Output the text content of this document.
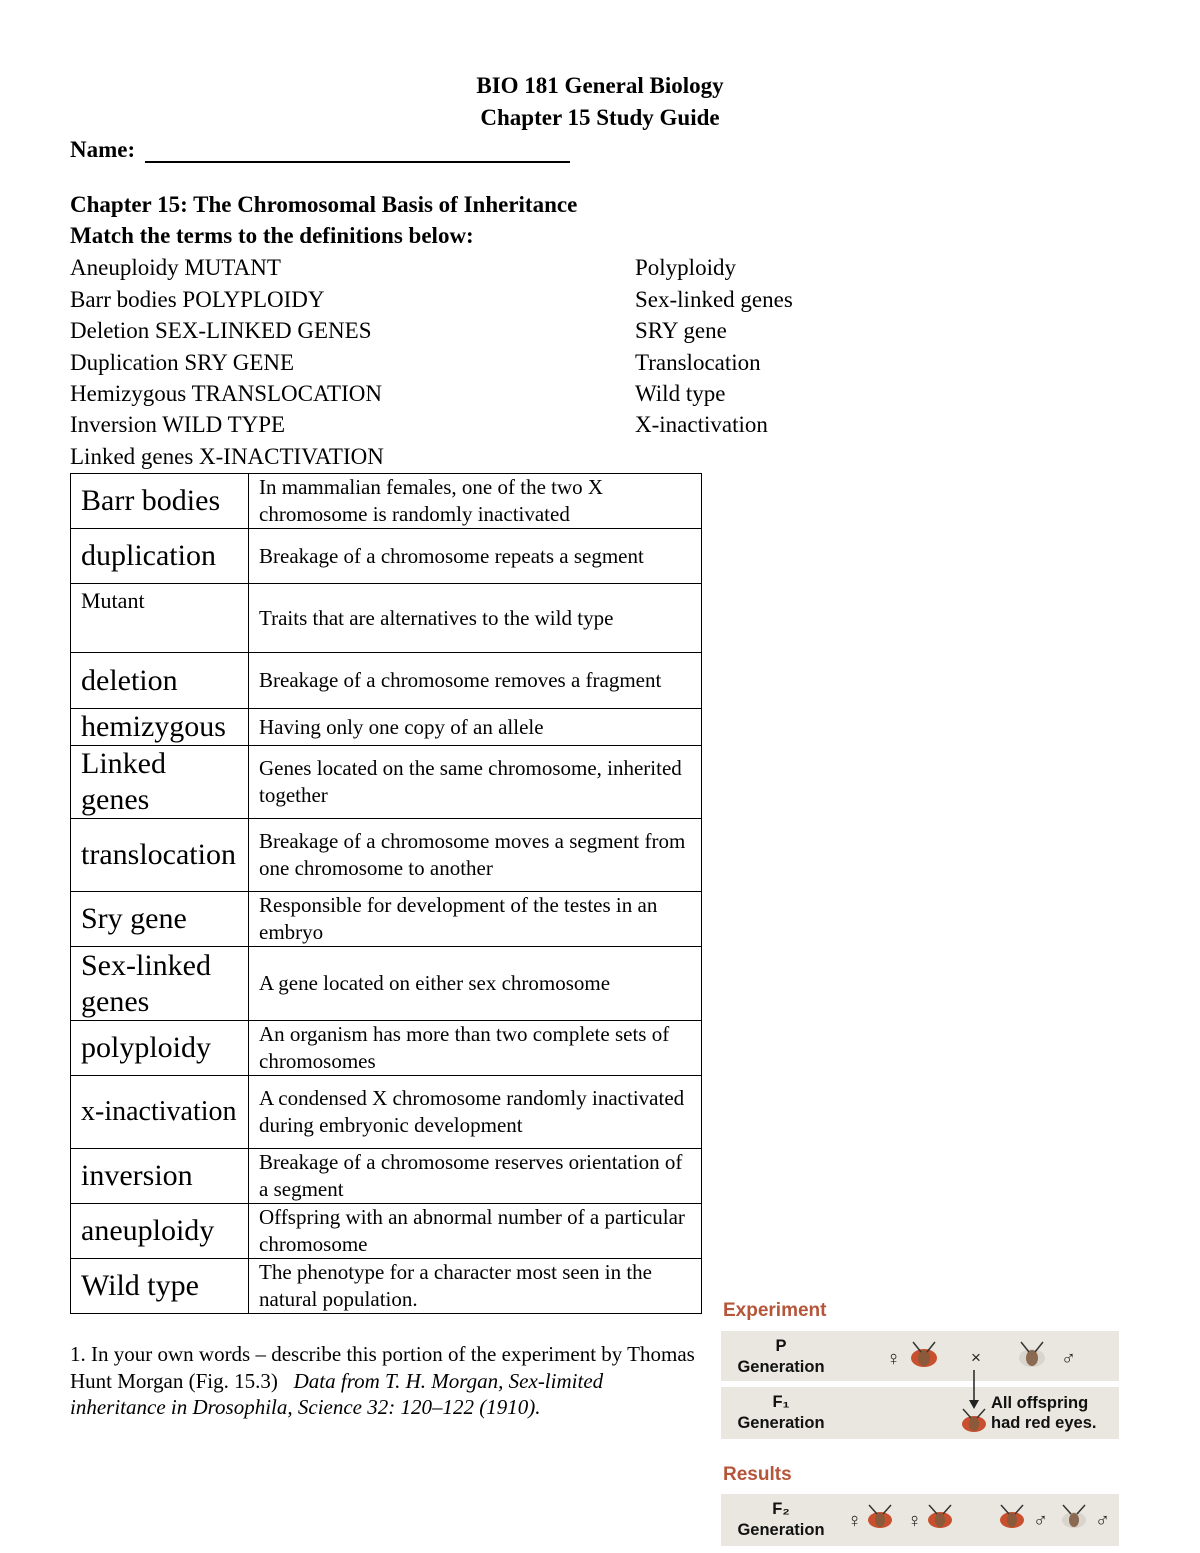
BIO 181 General Biology
Chapter 15 Study Guide
Name:
Chapter 15: The Chromosomal Basis of Inheritance
Match the terms to the definitions below:
Aneuploidy MUTANT
Barr bodies POLYPLOIDY
Deletion SEX-LINKED GENES
Duplication SRY GENE
Hemizygous TRANSLOCATION
Inversion WILD TYPE
Linked genes X-INACTIVATION
Polyploidy
Sex-linked genes
SRY gene
Translocation
Wild type
X-inactivation
Barr bodies	In mammalian females, one of the two X chromosome is randomly inactivated
duplication	Breakage of a chromosome repeats a segment
Mutant	Traits that are alternatives to the wild type
deletion	Breakage of a chromosome removes a fragment
hemizygous	Having only one copy of an allele
Linked genes	Genes located on the same chromosome, inherited together
translocation	Breakage of a chromosome moves a segment from one chromosome to another
Sry gene	Responsible for development of the testes in an embryo
Sex-linked genes	A gene located on either sex chromosome
polyploidy	An organism has more than two complete sets of chromosomes
x-inactivation	A condensed X chromosome randomly inactivated during embryonic development
inversion	Breakage of a chromosome reserves orientation of a segment
aneuploidy	Offspring with an abnormal number of a particular chromosome
Wild type	The phenotype for a character most seen in the natural population.
1. In your own words – describe this portion of the experiment by Thomas Hunt Morgan (Fig. 15.3) Data from T. H. Morgan, Sex-limited inheritance in Drosophila, Science 32: 120–122 (1910).
Experiment
P
Generation	♀	×	♂
F₁
Generation
All offspring had red eyes.
Results
F₂
Generation	♀ ♀	♂ ♂
